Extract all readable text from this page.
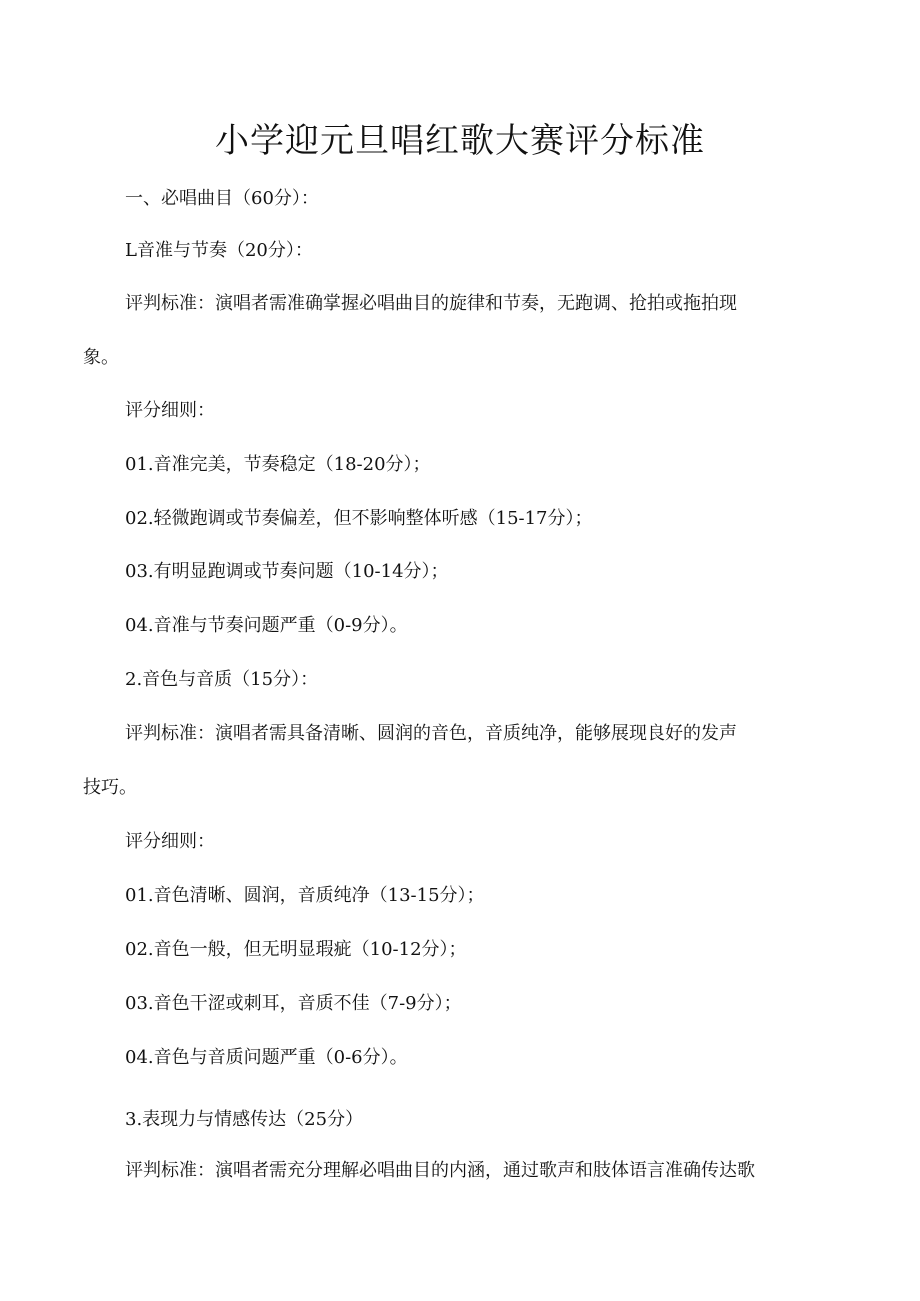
小学迎元旦唱红歌大赛评分标准

一、必唱曲目（60分）：

L音准与节奏（20分）：

评判标准：演唱者需准确掌握必唱曲目的旋律和节奏，无跑调、抢拍或拖拍现

象。

评分细则：

01.音准完美，节奏稳定（18-20分）；

02.轻微跑调或节奏偏差，但不影响整体听感（15-17分）；

03.有明显跑调或节奏问题（10-14分）；

04.音准与节奏问题严重（0-9分）。

2.音色与音质（15分）：

评判标准：演唱者需具备清晰、圆润的音色，音质纯净，能够展现良好的发声

技巧。

评分细则：

01.音色清晰、圆润，音质纯净（13-15分）；

02.音色一般，但无明显瑕疵（10-12分）；

03.音色干涩或刺耳，音质不佳（7-9分）；

04.音色与音质问题严重（0-6分）。

3.表现力与情感传达（25分）

评判标准：演唱者需充分理解必唱曲目的内涵，通过歌声和肢体语言准确传达歌
